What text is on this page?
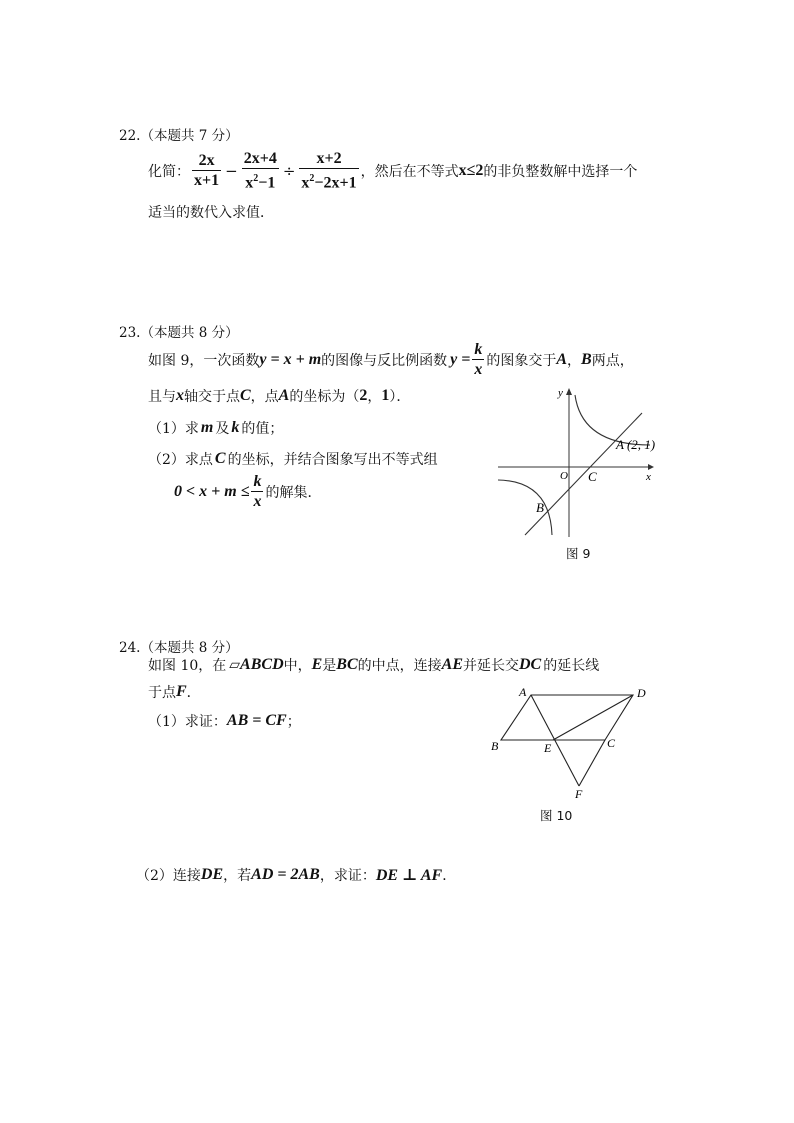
22.（本题共 7 分）
化简： $\frac{2x}{x+1} - \frac{2x+4}{x^2-1} \div \frac{x+2}{x^2-2x+1}$ ，然后在不等式 x≤2 的非负整数解中选择一个
适当的数代入求值．
23.（本题共 8 分）
如图 9，一次函数 y = x + m 的图像与反比例函数 $y = \frac{k}{x}$ 的图象交于 A ， B 两点，
且与 x 轴交于点 C ，点 A 的坐标为（ 2 ， 1 ）．
（1）求 m 及 k 的值；
（2）求点 C 的坐标，并结合图象写出不等式组
$0 < x + m \le \frac{k}{x}$ 的解集．
y
x
O C
A (2, 1)
B
图 9
24.（本题共 8 分）
如图 10，在 ▱ ABCD 中， E 是 BC 的中点，连接 AE 并延长交 DC 的延长线
于点 F ．
（1）求证： AB = CF ；
A	D
B	C
E
F
图 10
（2）连接 DE ，若 AD = 2AB ，求证： DE ⊥ AF ．
